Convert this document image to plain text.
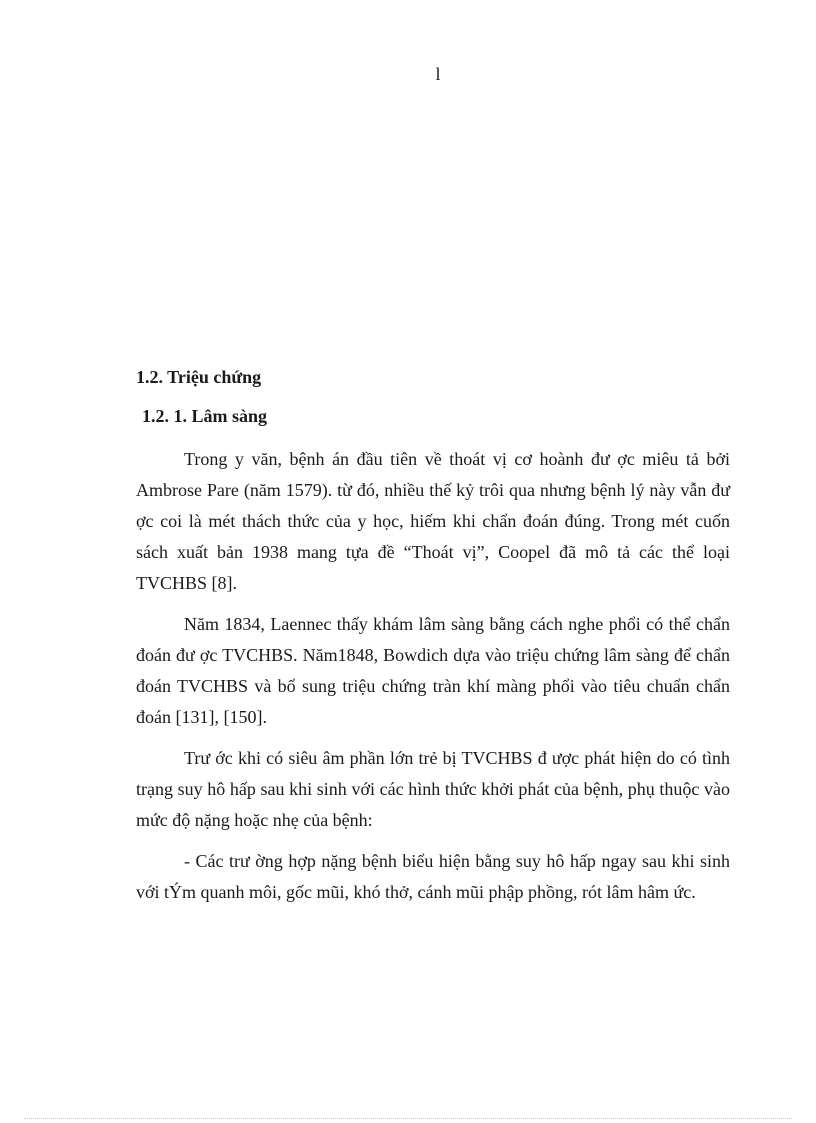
l
1.2. Triệu chứng
1.2. 1. Lâm sàng

Trong y văn, bệnh án đầu tiên về thoát vị cơ hoành đư ợc miêu tả bởi Ambrose Pare (năm 1579). từ đó, nhiều thế kỷ trôi qua nhưng bệnh lý này vẫn đư ợc coi là mét thách thức của y học, hiếm khi chẩn đoán đúng. Trong mét cuốn sách xuất bản 1938 mang tựa đề “Thoát vị”, Coopel đã mô tả các thể loại TVCHBS [8].

Năm 1834, Laennec thấy khám lâm sàng bằng cách nghe phổi có thể chẩn đoán đư ợc TVCHBS. Năm1848, Bowdich dựa vào triệu chứng lâm sàng để chẩn đoán TVCHBS và bổ sung triệu chứng tràn khí màng phổi vào tiêu chuẩn chẩn đoán [131], [150].

Trư ớc khi có siêu âm phần lớn trẻ bị TVCHBS đ ược phát hiện do có tình trạng suy hô hấp sau khi sinh với các hình thức khởi phát của bệnh, phụ thuộc vào mức độ nặng hoặc nhẹ của bệnh:

- Các trư ờng hợp nặng bệnh biểu hiện bằng suy hô hấp ngay sau khi sinh với tÝm quanh môi, gốc mũi, khó thở, cánh mũi phập phồng, rót lâm hâm ức.
